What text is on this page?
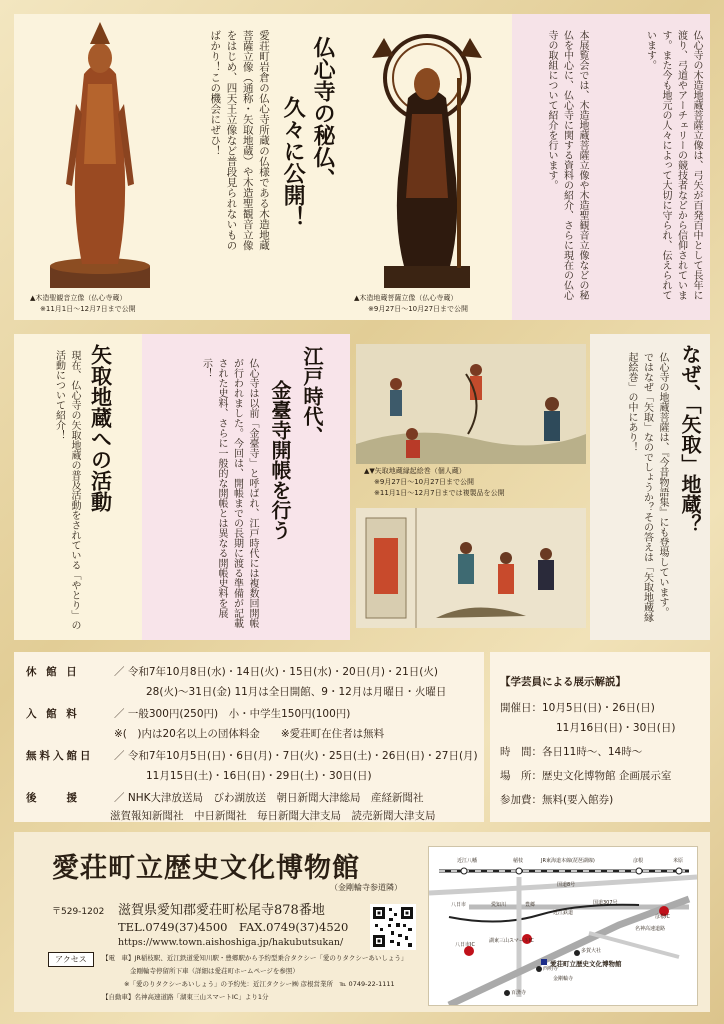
▲木造聖観音立像（仏心寺蔵）
※11月1日～12月7日まで公開
▲木造地蔵菩薩立像（仏心寺蔵）
※9月27日～10月27日まで公開
仏心寺の秘仏、
久々に公開！
愛荘町岩倉の仏心寺所蔵の仏様である木造地蔵菩薩立像（通称・矢取地蔵）や木造聖観音立像をはじめ、四天王立像など普段見られないものばかり！この機会にぜひ！	仏心寺の木造地蔵菩薩立像は、弓矢が百発百中として長年に渡り、弓道やアーチェリーの競技者などから信仰されています。また今も地元の人々によって大切に守られ、伝えられています。
本展覧会では、木造地蔵菩薩立像や木造聖観音立像などの秘仏を中心に、仏心寺に関する資料の紹介、さらに現在の仏心寺の取組について紹介を行います。
矢取地蔵への活動
現在、仏心寺の矢取地蔵の普及活動をされている「やとり」の活動について紹介！	江戸時代、
金臺寺開帳を行う
仏心寺は以前「金臺寺」と呼ばれ、江戸時代には複数回開帳が行われました。今回は、開帳までの長期に渡る準備が記載された史料、さらに一般的な開帳とは異なる開帳史料を展示！
▲▼矢取地蔵縁起絵巻（個人蔵）
※9月27日～10月27日まで公開
※11月1日～12月7日までは複製品を公開	なぜ、「矢取」地蔵？
仏心寺の地蔵菩薩は、『今昔物語集』にも登場しています。ではなぜ「矢取」なのでしょうか？その答えは「矢取地蔵縁起絵巻」の中にあり！
休 館 日	／ 令和7年10月8日(水)・14日(火)・15日(水)・20日(月)・21日(火)
28(火)～31日(金) 11月は全日開館、9・12月は月曜日・火曜日
入 館 料	／ 一般300円(250円)　小・中学生150円(100円)
※(　)内は20名以上の団体料金　　※愛荘町在住者は無料
無料入館日 ／ 令和7年10月5日(日)・6日(月)・7日(火)・25日(土)・26日(日)・27日(月)
11月15日(土)・16日(日)・29日(土)・30日(日)
後　　援	／ NHK大津放送局　びわ湖放送　朝日新聞大津総局　産経新聞社
滋賀報知新聞社　中日新聞社　毎日新聞大津支局　読売新聞大津支局
【学芸員による展示解説】
開催日：10月5日(日)・26日(日)
11月16日(日)・30日(日)
時　間：各日11時～、14時～
場　所：歴史文化博物館 企画展示室
参加費：無料(要入館券)
愛荘町立歴史文化博物館
（金剛輪寺参道隣）
〒529-1202 滋賀県愛知郡愛荘町松尾寺878番地
TEL.0749(37)4500　FAX.0749(37)4520
https://www.town.aishoshiga.jp/hakubutsukan/
アクセス	【電　車】JR稲枝駅、近江鉄道愛知川駅・豊郷駅から予約型乗合タクシー「愛のりタクシーあいしょう」
金剛輪寺停留所下車（詳細は愛荘町ホームページを参照）
※「愛のりタクシーあいしょう」の予約先：近江タクシー㈱ 彦根営業所　℡ 0749-22-1111
【自動車】名神高速道路「湖東三山スマートIC」より1分
近江八幡	稲枝	JR東海道本線(琵琶湖線)	彦根	米原
国道8号
八日市	愛知川	豊郷
近江鉄道
国道307号
湖東三山スマートIC
多賀大社
名神高速道路
八日市IC
西明寺
金剛輪寺
百済寺
彦根IC
愛荘町立歴史文化博物館
